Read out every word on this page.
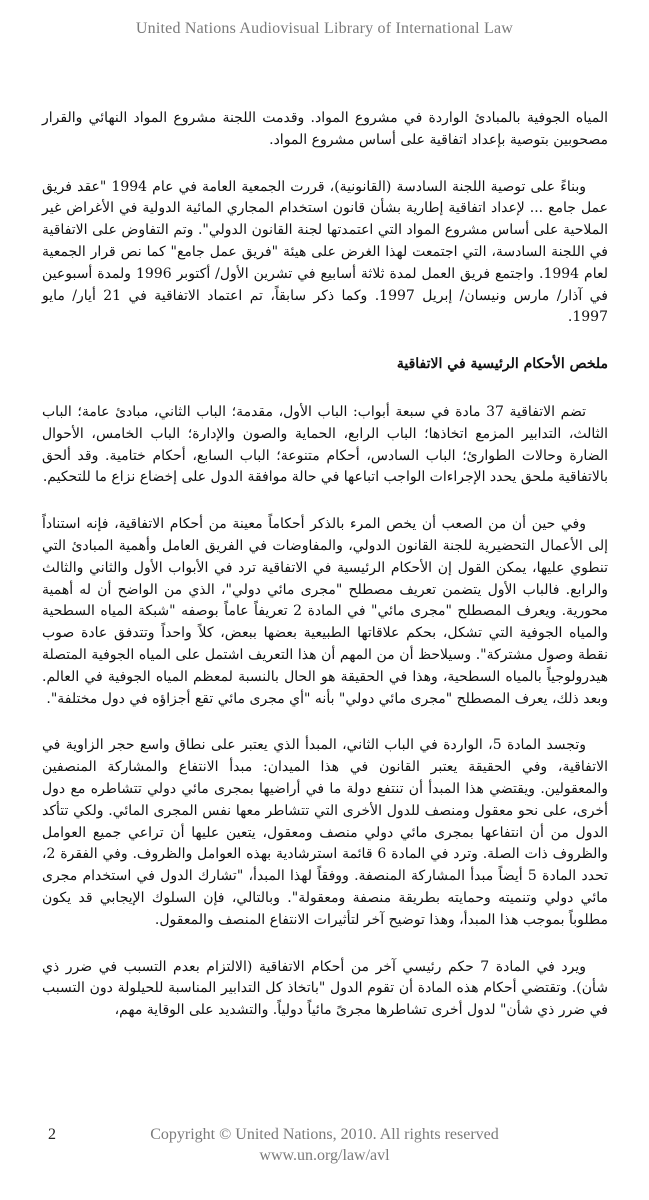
United Nations Audiovisual Library of International Law

المياه الجوفية بالمبادئ الواردة في مشروع المواد. وقدمت اللجنة مشروع المواد النهائي والقرار مصحوبين بتوصية بإعداد اتفاقية على أساس مشروع المواد.

وبناءً على توصية اللجنة السادسة (القانونية)، قررت الجمعية العامة في عام 1994 "عقد فريق عمل جامع ... لإعداد اتفاقية إطارية بشأن قانون استخدام المجاري المائية الدولية في الأغراض غير الملاحية على أساس مشروع المواد التي اعتمدتها لجنة القانون الدولي". وتم التفاوض على الاتفاقية في اللجنة السادسة، التي اجتمعت لهذا الغرض على هيئة "فريق عمل جامع" كما نص قرار الجمعية لعام 1994. واجتمع فريق العمل لمدة ثلاثة أسابيع في تشرين الأول/ أكتوبر 1996 ولمدة أسبوعين في آذار/ مارس ونيسان/ إبريل 1997. وكما ذكر سابقاً، تم اعتماد الاتفاقية في 21 أيار/ مايو 1997.

ملخص الأحكام الرئيسية في الاتفاقية

تضم الاتفاقية 37 مادة في سبعة أبواب: الباب الأول، مقدمة؛ الباب الثاني، مبادئ عامة؛ الباب الثالث، التدابير المزمع اتخاذها؛ الباب الرابع، الحماية والصون والإدارة؛ الباب الخامس، الأحوال الضارة وحالات الطوارئ؛ الباب السادس، أحكام متنوعة؛ الباب السابع، أحكام ختامية. وقد ألحق بالاتفاقية ملحق يحدد الإجراءات الواجب اتباعها في حالة موافقة الدول على إخضاع نزاع ما للتحكيم.

وفي حين أن من الصعب أن يخص المرء بالذكر أحكاماً معينة من أحكام الاتفاقية، فإنه استناداً إلى الأعمال التحضيرية للجنة القانون الدولي، والمفاوضات في الفريق العامل وأهمية المبادئ التي تنطوي عليها، يمكن القول إن الأحكام الرئيسية في الاتفاقية ترد في الأبواب الأول والثاني والثالث والرابع. فالباب الأول يتضمن تعريف مصطلح "مجرى مائي دولي"، الذي من الواضح أن له أهمية محورية. ويعرف المصطلح "مجرى مائي" في المادة 2 تعريفاً عاماً بوصفه "شبكة المياه السطحية والمياه الجوفية التي تشكل، بحكم علاقاتها الطبيعية بعضها ببعض، كلاً واحداً وتتدفق عادة صوب نقطة وصول مشتركة". وسيلاحظ أن من المهم أن هذا التعريف اشتمل على المياه الجوفية المتصلة هيدرولوجياً بالمياه السطحية، وهذا في الحقيقة هو الحال بالنسبة لمعظم المياه الجوفية في العالم. وبعد ذلك، يعرف المصطلح "مجرى مائي دولي" بأنه "أي مجرى مائي تقع أجزاؤه في دول مختلفة".

وتجسد المادة 5، الواردة في الباب الثاني، المبدأ الذي يعتبر على نطاق واسع حجر الزاوية في الاتفاقية، وفي الحقيقة يعتبر القانون في هذا الميدان: مبدأ الانتفاع والمشاركة المنصفين والمعقولين. ويقتضي هذا المبدأ أن تنتفع دولة ما في أراضيها بمجرى مائي دولي تتشاطره مع دول أخرى، على نحو معقول ومنصف للدول الأخرى التي تتشاطر معها نفس المجرى المائي. ولكي تتأكد الدول من أن انتفاعها بمجرى مائي دولي منصف ومعقول، يتعين عليها أن تراعي جميع العوامل والظروف ذات الصلة. وترد في المادة 6 قائمة استرشادية بهذه العوامل والظروف. وفي الفقرة 2، تحدد المادة 5 أيضاً مبدأ المشاركة المنصفة. ووفقاً لهذا المبدأ، "تشارك الدول في استخدام مجرى مائي دولي وتنميته وحمايته بطريقة منصفة ومعقولة". وبالتالي، فإن السلوك الإيجابي قد يكون مطلوباً بموجب هذا المبدأ، وهذا توضيح آخر لتأثيرات الانتفاع المنصف والمعقول.

ويرد في المادة 7 حكم رئيسي آخر من أحكام الاتفاقية (الالتزام بعدم التسبب في ضرر ذي شأن). وتقتضي أحكام هذه المادة أن تقوم الدول "باتخاذ كل التدابير المناسبة للحيلولة دون التسبب في ضرر ذي شأن" لدول أخرى تشاطرها مجرىً مائياً دولياً. والتشديد على الوقاية مهم،

Copyright © United Nations, 2010. All rights reserved
www.un.org/law/avl
2
